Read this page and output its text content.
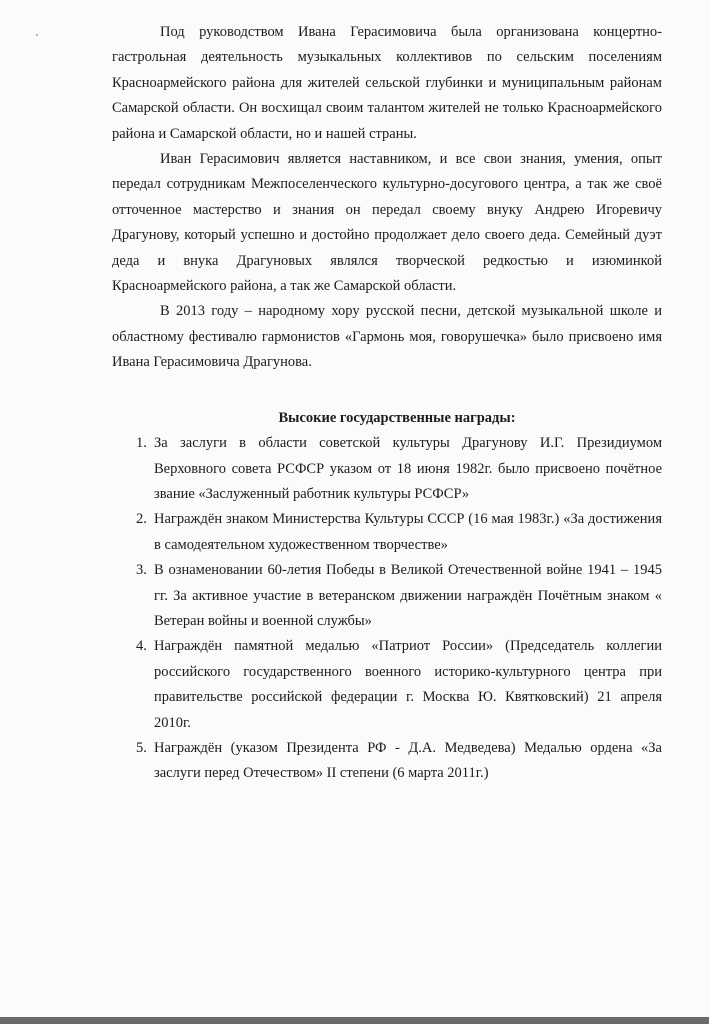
Под руководством Ивана Герасимовича была организована концертно-гастрольная деятельность музыкальных коллективов по сельским поселениям Красноармейского района для жителей сельской глубинки и муниципальным районам Самарской области. Он восхищал своим талантом жителей не только Красноармейского района и Самарской области, но и нашей страны.

Иван Герасимович является наставником, и все свои знания, умения, опыт передал сотрудникам Межпоселенческого культурно-досугового центра, а так же своё отточенное мастерство и знания он передал своему внуку Андрею Игоревичу Драгунову, который успешно и достойно продолжает дело своего деда. Семейный дуэт деда и внука Драгуновых являлся творческой редкостью и изюминкой Красноармейского района, а так же Самарской области.

В 2013 году – народному хору русской песни, детской музыкальной школе и областному фестивалю гармонистов «Гармонь моя, говорушечка» было присвоено имя Ивана Герасимовича Драгунова.

Высокие государственные награды:
1. За заслуги в области советской культуры Драгунову И.Г. Президиумом Верховного совета РСФСР указом от 18 июня 1982г. было присвоено почётное звание «Заслуженный работник культуры РСФСР»
2. Награждён знаком Министерства Культуры СССР (16 мая 1983г.) «За достижения в самодеятельном художественном творчестве»
3. В ознаменовании 60-летия Победы в Великой Отечественной войне 1941 – 1945 гг. За активное участие в ветеранском движении награждён Почётным знаком « Ветеран войны и военной службы»
4. Награждён памятной медалью «Патриот России» (Председатель коллегии российского государственного военного историко-культурного центра при правительстве российской федерации г. Москва Ю. Квятковский) 21 апреля 2010г.
5. Награждён (указом Президента РФ - Д.А. Медведева) Медалью ордена «За заслуги перед Отечеством» II степени (6 марта 2011г.)
